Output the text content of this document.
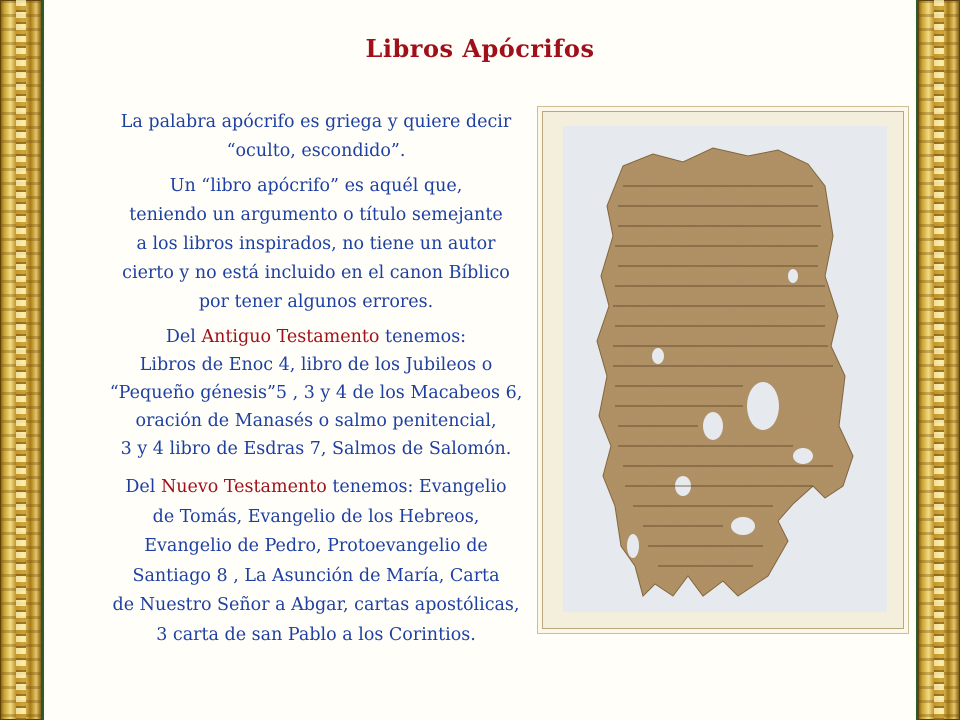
Libros Apócrifos

La palabra apócrifo es griega y quiere decir
“oculto, escondido”.

Un “libro apócrifo” es aquél que,
teniendo un argumento o título semejante
a los libros inspirados, no tiene un autor
cierto y no está incluido en el canon Bíblico
por tener algunos errores.

Del Antiguo Testamento tenemos:
Libros de Enoc 4, libro de los Jubileos o
“Pequeño génesis”5 , 3 y 4 de los Macabeos 6,
oración de Manasés o salmo penitencial,
3 y 4 libro de Esdras 7, Salmos de Salomón.

Del Nuevo Testamento tenemos: Evangelio
de Tomás, Evangelio de los Hebreos,
Evangelio de Pedro, Protoevangelio de
Santiago 8 , La Asunción de María, Carta
de Nuestro Señor a Abgar, cartas apostólicas,
3 carta de san Pablo a los Corintios.
